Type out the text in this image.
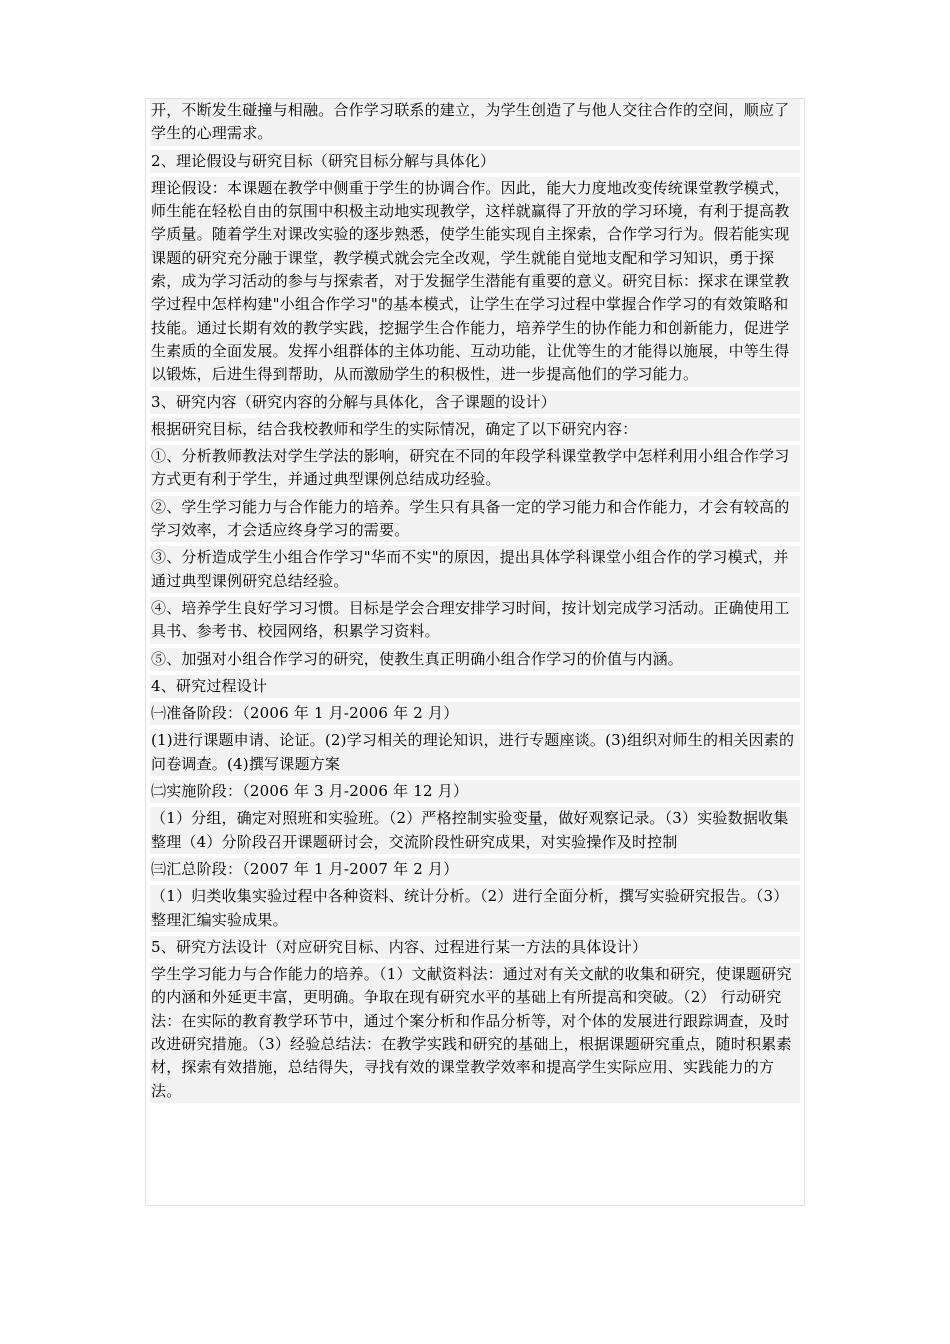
开，不断发生碰撞与相融。合作学习联系的建立，为学生创造了与他人交往合作的空间，顺应了学生的心理需求。
2、理论假设与研究目标（研究目标分解与具体化）
理论假设：本课题在教学中侧重于学生的协调合作。因此，能大力度地改变传统课堂教学模式，师生能在轻松自由的氛围中积极主动地实现教学，这样就赢得了开放的学习环境，有利于提高教学质量。随着学生对课改实验的逐步熟悉，使学生能实现自主探索，合作学习行为。假若能实现课题的研究充分融于课堂，教学模式就会完全改观，学生就能自觉地支配和学习知识，勇于探索，成为学习活动的参与与探索者，对于发掘学生潜能有重要的意义。研究目标：探求在课堂教学过程中怎样构建"小组合作学习"的基本模式，让学生在学习过程中掌握合作学习的有效策略和技能。通过长期有效的教学实践，挖掘学生合作能力，培养学生的协作能力和创新能力，促进学生素质的全面发展。发挥小组群体的主体功能、互动功能，让优等生的才能得以施展，中等生得以锻炼，后进生得到帮助，从而激励学生的积极性，进一步提高他们的学习能力。
3、研究内容（研究内容的分解与具体化，含子课题的设计）
根据研究目标，结合我校教师和学生的实际情况，确定了以下研究内容：
①、分析教师教法对学生学法的影响，研究在不同的年段学科课堂教学中怎样利用小组合作学习方式更有利于学生，并通过典型课例总结成功经验。
②、学生学习能力与合作能力的培养。学生只有具备一定的学习能力和合作能力，才会有较高的学习效率，才会适应终身学习的需要。
③、分析造成学生小组合作学习"华而不实"的原因，提出具体学科课堂小组合作的学习模式，并通过典型课例研究总结经验。
④、培养学生良好学习习惯。目标是学会合理安排学习时间，按计划完成学习活动。正确使用工具书、参考书、校园网络，积累学习资料。
⑤、加强对小组合作学习的研究，使教生真正明确小组合作学习的价值与内涵。
4、研究过程设计
㈠准备阶段：（2006 年 1 月-2006 年 2 月）
(1)进行课题申请、论证。(2)学习相关的理论知识，进行专题座谈。(3)组织对师生的相关因素的问卷调查。(4)撰写课题方案
㈡实施阶段：（2006 年 3 月-2006 年 12 月）
（1）分组，确定对照班和实验班。（2）严格控制实验变量，做好观察记录。（3）实验数据收集整理（4）分阶段召开课题研讨会，交流阶段性研究成果，对实验操作及时控制
㈢汇总阶段：（2007 年 1 月-2007 年 2 月）
（1）归类收集实验过程中各种资料、统计分析。（2）进行全面分析，撰写实验研究报告。（3）整理汇编实验成果。
5、研究方法设计（对应研究目标、内容、过程进行某一方法的具体设计）
学生学习能力与合作能力的培养。（1）文献资料法：通过对有关文献的收集和研究，使课题研究的内涵和外延更丰富，更明确。争取在现有研究水平的基础上有所提高和突破。（2） 行动研究法：在实际的教育教学环节中，通过个案分析和作品分析等，对个体的发展进行跟踪调查，及时改进研究措施。（3）经验总结法：在教学实践和研究的基础上，根据课题研究重点，随时积累素材，探索有效措施，总结得失，寻找有效的课堂教学效率和提高学生实际应用、实践能力的方法。
